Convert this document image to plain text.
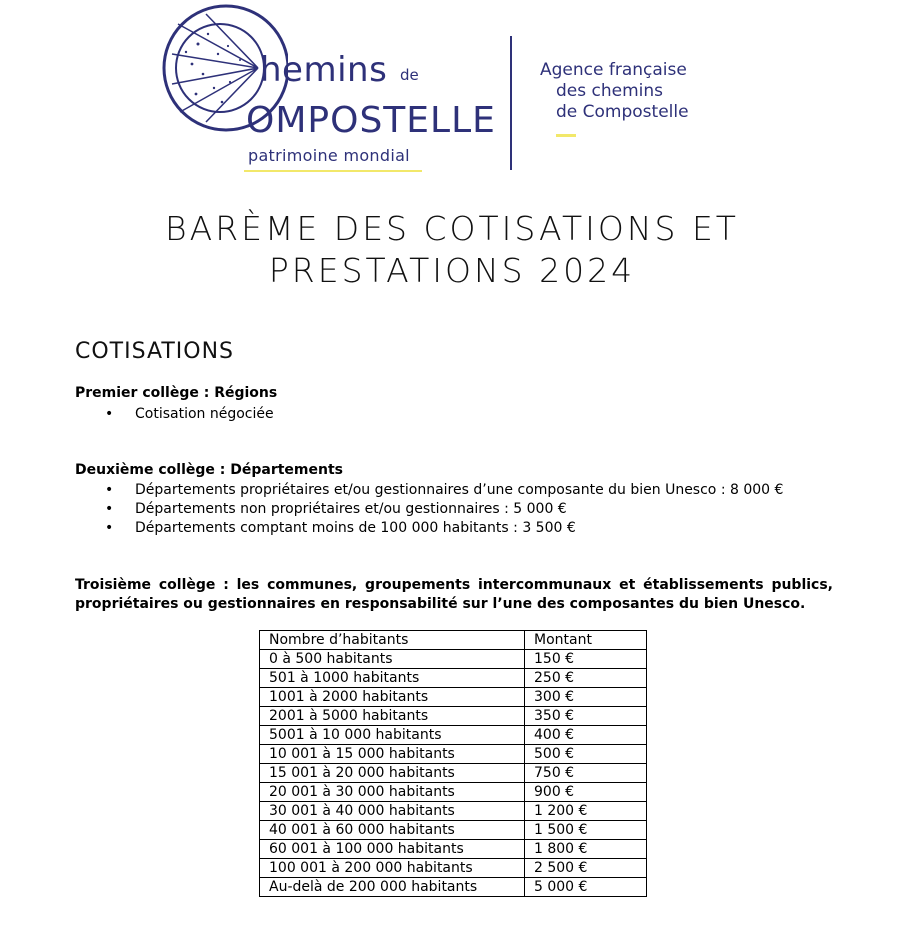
hemins de
OMPOSTELLE
patrimoine mondial
Agence française
des chemins
de Compostelle
BARÈME DES COTISATIONS ET
PRESTATIONS 2024
COTISATIONS
Premier collège : Régions
• Cotisation négociée
Deuxième collège : Départements
• Départements propriétaires et/ou gestionnaires d’une composante du bien Unesco : 8 000 €
• Départements non propriétaires et/ou gestionnaires : 5 000 €
• Départements comptant moins de 100 000 habitants : 3 500 €
Troisième collège : les communes, groupements intercommunaux et établissements publics, propriétaires ou gestionnaires en responsabilité sur l’une des composantes du bien Unesco.
Nombre d’habitants	Montant
0 à 500 habitants	150 €
501 à 1000 habitants	250 €
1001 à 2000 habitants	300 €
2001 à 5000 habitants	350 €
5001 à 10 000 habitants	400 €
10 001 à 15 000 habitants	500 €
15 001 à 20 000 habitants	750 €
20 001 à 30 000 habitants	900 €
30 001 à 40 000 habitants	1 200 €
40 001 à 60 000 habitants	1 500 €
60 001 à 100 000 habitants	1 800 €
100 001 à 200 000 habitants	2 500 €
Au-delà de 200 000 habitants	5 000 €
